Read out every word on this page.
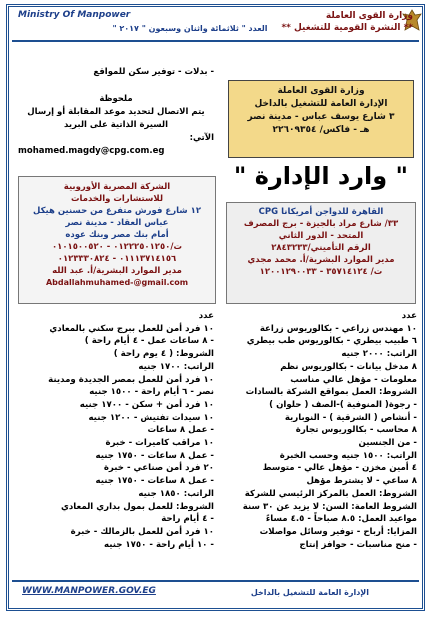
وزارة القوى العاملة
** النشرة القومية للتشغيل **
Ministry Of Manpower
العدد " ثلاثمائة واثنان وسبعون " ٢٠١٧ "
- بدلات - توفير سكن للمواقع
ملحوظة
يتم الاتصال لتحديد موعد المقابلة أو إرسال السيرة الذاتية على البريد
الآتي:
mohamed.magdy@cpg.com.eg
وزارة القوى العاملة
الإدارة العامة للتشغيل بالداخل
٣ شارع يوسف عباس - مدينة نصر
هـ - فاكس/ ٢٢٦٠٩٣٥٤
" وارد الإدارة "
القاهرة للدواجن أمريكانا CPG
٣٣/ شارع مراد بالجيزة - برج المصرف
المتحد - الدور الثاني
الرقم التأميني/٢٨٤٣٢٣٣
مدير الموارد البشرية/أ. محمد مجدي
ت/ ٣٥٧١٤١٢٤ - ١٢٠٠١٢٩٠٠٣٣
الشركة المصرية الأوروبية
للاستشارات والخدمات
١٢ شارع فورش متفرع من حسنين هيكل
عباس العقاد - مدينة نصر
أمام بنك مصر وبنك عوده
ت/٠١٢٢٢٥٠١٢٥٠ - ٠١٠١٥٠٠٥٢٠
٠١١١٣٧١٤١٥٦ - ٠١٢٣٣٣٠٨٢٤
مدير الموارد البشرية/أ. عبد الله
Abdallahmuhamed-@gmail.com
عدد
١٠ مهندس زراعي - بكالوريوس زراعة
٦ طبيب بيطري - بكالوريوس طب بيطري
الراتب: ٢٠٠٠ جنيه
٨ مدخل بيانات - بكالوريوس نظم
معلومات - مؤهل عالي مناسب
الشروط: العمل بمواقع الشركة بالسادات
- رجوة( المنوفية )-الصف ( حلوان )
- أنشاص ( الشرقية ) - النوبارية
٨ محاسب - بكالوريوس تجارة
- من الجنسين
الراتب: ١٥٠٠ جنيه وحسب الخبرة
٤ أمين مخزن - مؤهل عالي - متوسط
٨ ساعي - لا يشترط مؤهل
الشروط: العمل بالمركز الرئيسي للشركة
الشروط العامة: السن: لا يزيد عن ٣٠ سنة
مواعيد العمل: ٨.٥ صباحاً - ٤.٥ مساءً
المزايا: أرباح - توفير وسائل مواصلات
- منح مناسبات - حوافز إنتاج
عدد
١٠ فرد أمن للعمل ببرج سكني بالمعادي
- ٨ ساعات عمل - ٤ أيام راحة )
الشروط: ( ٤ يوم راحة )
الراتب: ١٧٠٠ جنيه
١٠ فرد أمن للعمل بمصر الجديدة ومدينة
نصر - ٦ أيام راحة - ١٥٠٠ جنيه
١٠ فرد أمن + سكن - ١٧٠٠ جنيه
١٠ سيدات تفتيش - ١٢٠٠ جنيه
- عمل ٨ ساعات
١٠ مراقب كاميرات - خبرة
- عمل ٨ ساعات - ١٧٥٠ جنيه
٢٠ فرد أمن صناعي - خبرة
- عمل ٨ ساعات - ١٧٥٠ جنيه
الراتب: ١٨٥٠ جنيه
الشروط: للعمل بمول بداري المعادي
- ٤ أيام راحة
١٠ فرد أمن للعمل بالزمالك - خبرة
- ١٠ أيام راحة - ١٧٥٠ جنيه
WWW.MANPOWER.GOV.EG	الإدارة العامة للتشغيل بالداخل
